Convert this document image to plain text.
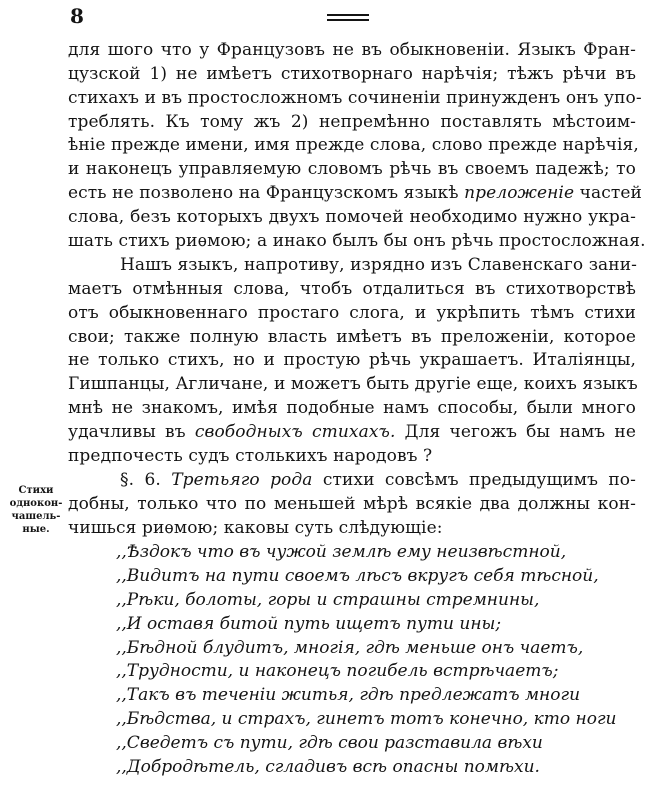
8
для шого что у Французовъ не въ обыкновенiи. Языкъ Фран-
цузской 1) не имѣетъ стихотворнаго нарѣчiя; тѣжъ рѣчи въ
стихахъ и въ простосложномъ сочиненiи принужденъ онъ упо-
треблять. Къ тому жъ 2) непремѣнно поставлять мѣстоим-
ѣнiе прежде имени, имя прежде слова, слово прежде нарѣчiя,
и наконецъ управляемую словомъ рѣчь въ своемъ падежѣ; то
есть не позволено на Французскомъ языкѣ преложенiе частей
слова, безъ которыхъ двухъ помочей необходимо нужно укра-
шать стихъ риѳмою; а инако былъ бы онъ рѣчь простосложная.
Нашъ языкъ, напротиву, изрядно изъ Славенскаго зани-
маетъ отмѣнныя слова, чтобъ отдалиться въ стихотворствѣ
отъ обыкновеннаго простаго слога, и укрѣпить тѣмъ стихи
свои; также полную власть имѣетъ въ преложенiи, которое
не только стихъ, но и простую рѣчь украшаетъ. Италiянцы,
Гишпанцы, Агличане, и можетъ быть другiе еще, коихъ языкъ
мнѣ не знакомъ, имѣя подобные намъ способы, были много
удачливы въ свободныхъ стихахъ. Для чегожъ бы намъ не
предпочесть судъ столькихъ народовъ ?
Стихи
однокон-
чашель-
ные.
§. 6. Третьяго рода стихи совсѣмъ предыдущимъ по-
добны, только что по меньшей мѣрѣ всякiе два должны кон-
чишься риѳмою; каковы суть слѣдующiе:
,,Ѣздокъ что въ чужой землѣ ему неизвѣстной,
,,Видитъ на пути своемъ лѣсъ вкругъ себя тѣсной,
,,Рѣки, болоты, горы и страшны стремнины,
,,И оставя битой путь ищетъ пути ины;
,,Бѣдной блудитъ, многiя, гдѣ меньше онъ чаетъ,
,,Трудности, и наконецъ погибель встрѣчаетъ;
,,Такъ въ теченiи житья, гдѣ предлежатъ многи
,,Бѣдства, и страхъ, гинетъ тотъ конечно, кто ноги
,,Сведетъ съ пути, гдѣ свои разставила вѣхи
,,Добродѣтель, сгладивъ всѣ опасны помѣхи.
